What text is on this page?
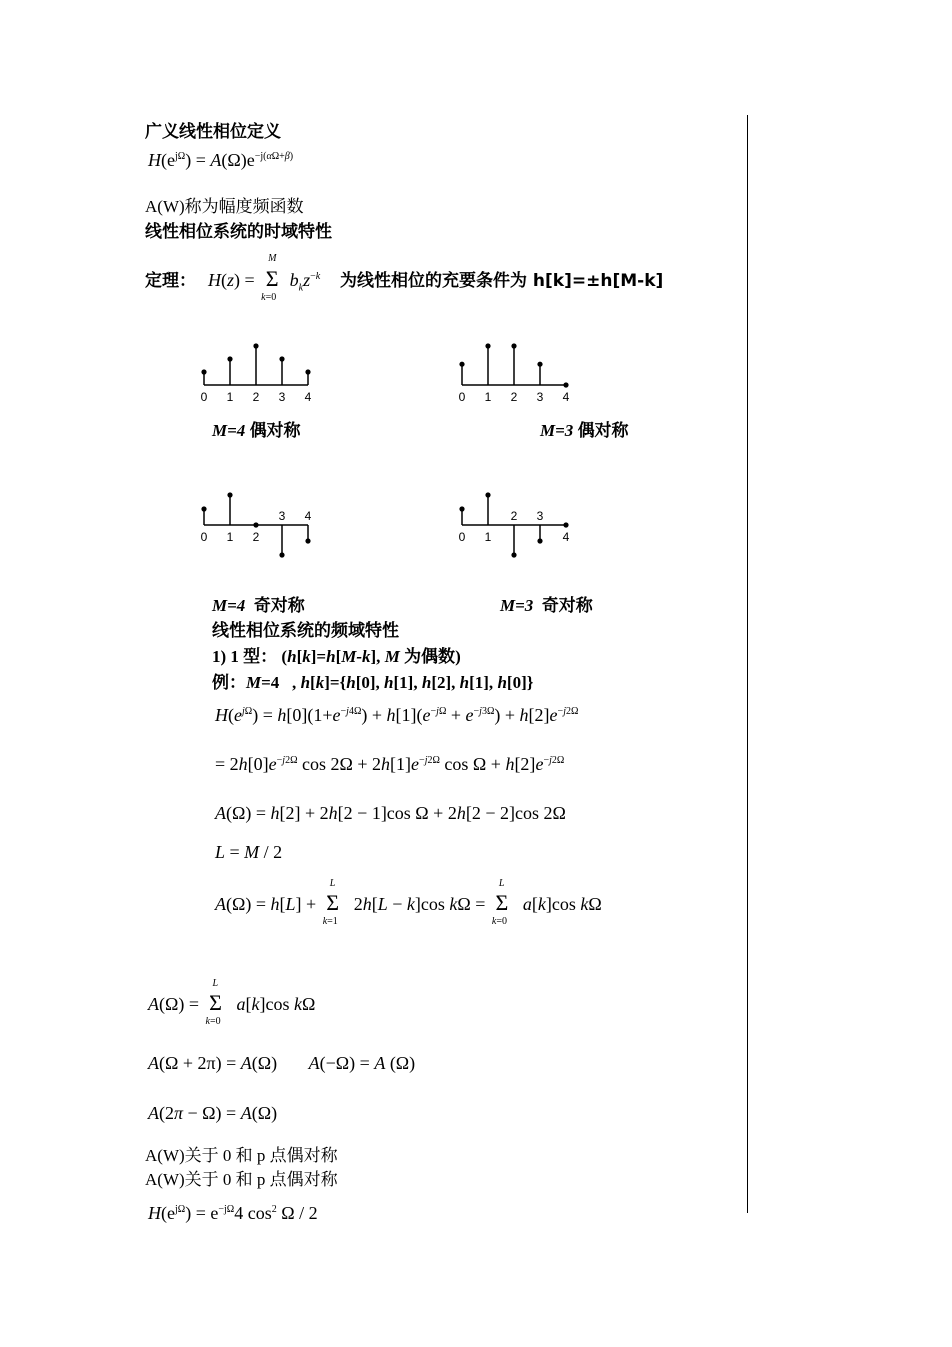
广义线性相位定义
$H(e^{j\Omega}) = A(\Omega)e^{-j(\alpha\Omega+\beta)}$
A(W)称为幅度频函数
线性相位系统的时域特性
定理： H(z) =
M
Σ
k=0
$b_kz^{-k}$ 为线性相位的充要条件为 h[k]=±h[M-k]
0 1 2 3 4
M=4 偶对称
0 1 2 3 4
M=3 偶对称
0 1 2
3 4
M=4 奇对称
0 1
2 3
4
M=3 奇对称
线性相位系统的频域特性
1) 1 型： (h[k]=h[M-k], M 为偶数)
例：M=4   , h[k]={h[0], h[1], h[2], h[1], h[0]}
$H(e^{j\Omega}) = h[0](1+e^{-j4\Omega}) + h[1](e^{-j\Omega} + e^{-j3\Omega}) + h[2]e^{-j2\Omega}$
= $2h[0]e^{-j2\Omega}$ $\cos 2\Omega + 2h[1]e^{-j2\Omega}$ $\cos \Omega + h[2]e^{-j2\Omega}$
A(Ω) = h[2] + 2h[2 − 1]cos Ω + 2h[2 − 2]cos 2Ω
L = M / 2
A(Ω) = h[L] +
L
Σ
k=1
2h[L − k]cos kΩ =
L
Σ
k=0
a[k]cos kΩ
A(Ω) =
L
Σ
k=0
a[k]cos kΩ
A(Ω + 2π) = A(Ω)       A(−Ω) = A (Ω)
A(2π − Ω) = A(Ω)
A(W)关于 0 和 p 点偶对称
A(W)关于 0 和 p 点偶对称
$H(e^{j\Omega}) = e^{-j\Omega}4$ $\cos^2 \Omega / 2$
